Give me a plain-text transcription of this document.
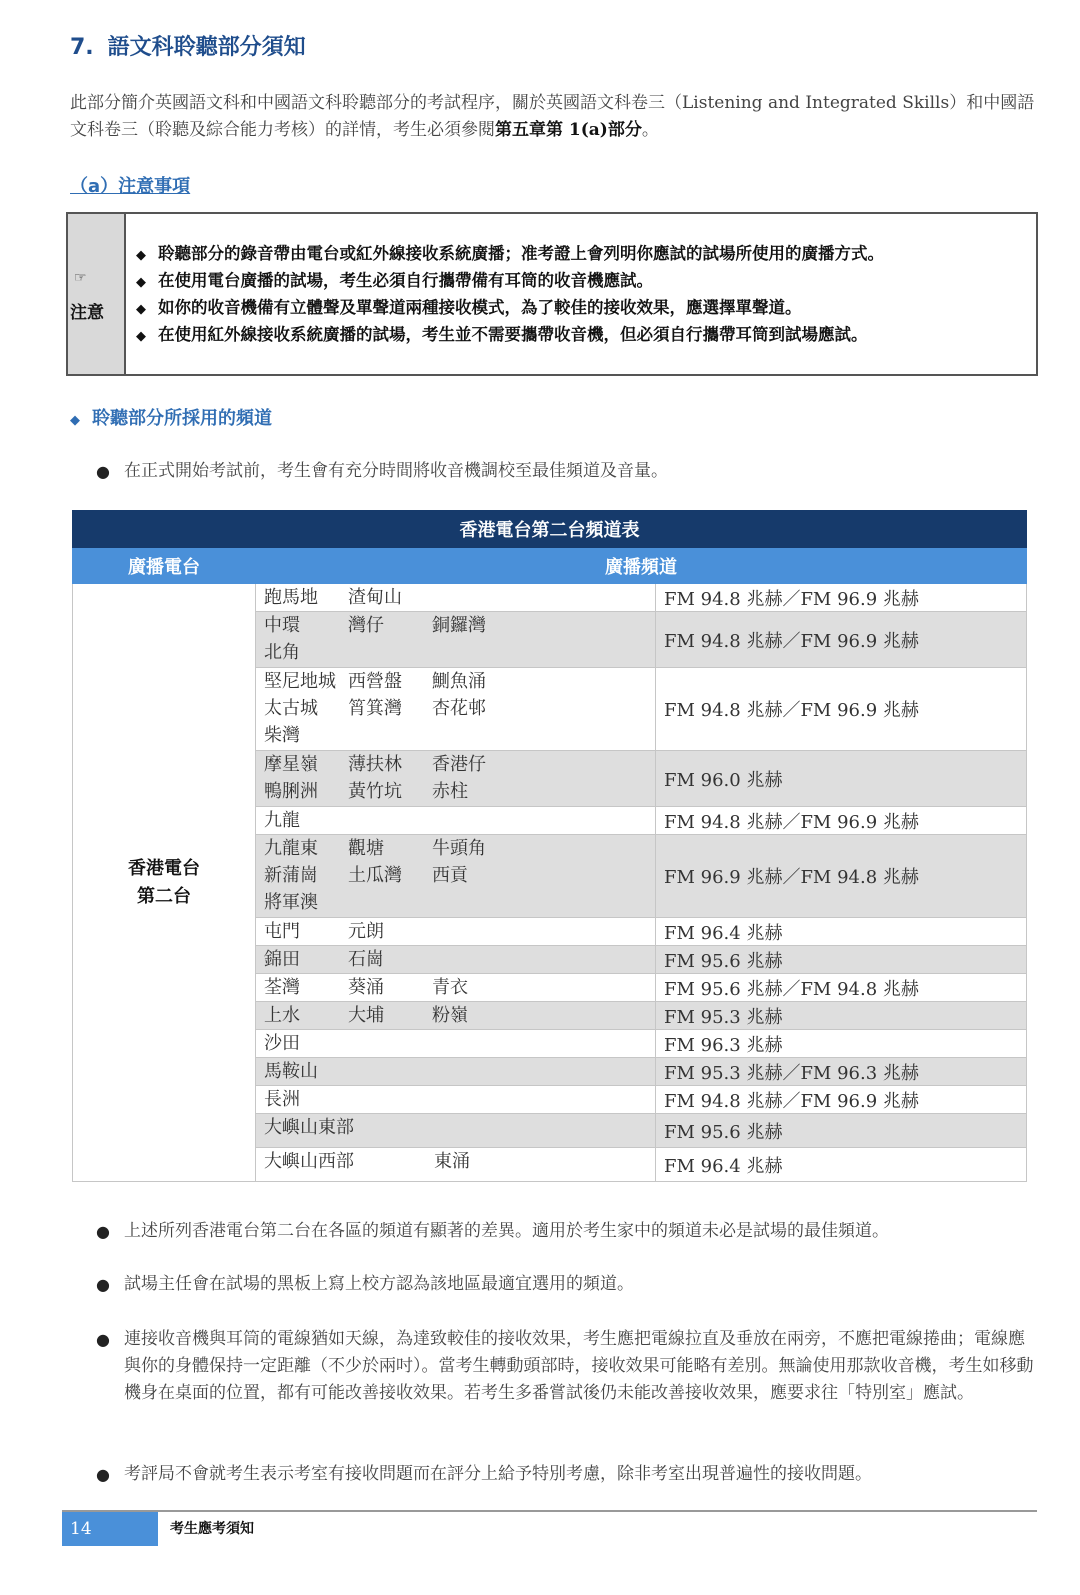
7. 語文科聆聽部分須知
此部分簡介英國語文科和中國語文科聆聽部分的考試程序，關於英國語文科卷三（Listening and Integrated Skills）和中國語文科卷三（聆聽及綜合能力考核）的詳情，考生必須參閱第五章第 1(a)部分。
（a）注意事項
☞
注意
◆ 聆聽部分的錄音帶由電台或紅外線接收系統廣播；准考證上會列明你應試的試場所使用的廣播方式。
◆ 在使用電台廣播的試場，考生必須自行攜帶備有耳筒的收音機應試。
◆ 如你的收音機備有立體聲及單聲道兩種接收模式，為了較佳的接收效果，應選擇單聲道。
◆ 在使用紅外線接收系統廣播的試場，考生並不需要攜帶收音機，但必須自行攜帶耳筒到試場應試。
◆ 聆聽部分所採用的頻道
● 在正式開始考試前，考生會有充分時間將收音機調校至最佳頻道及音量。
香港電台第二台頻道表		
廣播電台	廣播頻道	

香港電台
第二台	跑馬地 渣甸山	FM 94.8 兆赫／FM 96.9 兆赫

	中環 灣仔 銅鑼灣
北角	FM 94.8 兆赫／FM 96.9 兆赫

	堅尼地城 西營盤 鰂魚涌
太古城 筲箕灣 杏花邨
柴灣	FM 94.8 兆赫／FM 96.9 兆赫

	摩星嶺 薄扶林 香港仔
鴨脷洲 黃竹坑 赤柱	FM 96.0 兆赫

	九龍	FM 94.8 兆赫／FM 96.9 兆赫

	九龍東 觀塘 牛頭角
新蒲崗 土瓜灣 西貢
將軍澳	FM 96.9 兆赫／FM 94.8 兆赫

	屯門 元朗	FM 96.4 兆赫

	錦田 石崗	FM 95.6 兆赫

	荃灣 葵涌 青衣	FM 95.6 兆赫／FM 94.8 兆赫

	上水 大埔 粉嶺	FM 95.3 兆赫

	沙田	FM 96.3 兆赫

	馬鞍山	FM 95.3 兆赫／FM 96.3 兆赫

	長洲	FM 94.8 兆赫／FM 96.9 兆赫

	大嶼山東部	FM 95.6 兆赫

	大嶼山西部 東涌	FM 96.4 兆赫
● 上述所列香港電台第二台在各區的頻道有顯著的差異。適用於考生家中的頻道未必是試場的最佳頻道。
● 試場主任會在試場的黑板上寫上校方認為該地區最適宜選用的頻道。
● 連接收音機與耳筒的電線猶如天線，為達致較佳的接收效果，考生應把電線拉直及垂放在兩旁，不應把電線捲曲；電線應與你的身體保持一定距離（不少於兩吋）。當考生轉動頭部時，接收效果可能略有差別。無論使用那款收音機，考生如移動機身在桌面的位置，都有可能改善接收效果。若考生多番嘗試後仍未能改善接收效果，應要求往「特別室」應試。
● 考評局不會就考生表示考室有接收問題而在評分上給予特別考慮，除非考室出現普遍性的接收問題。
14	考生應考須知
